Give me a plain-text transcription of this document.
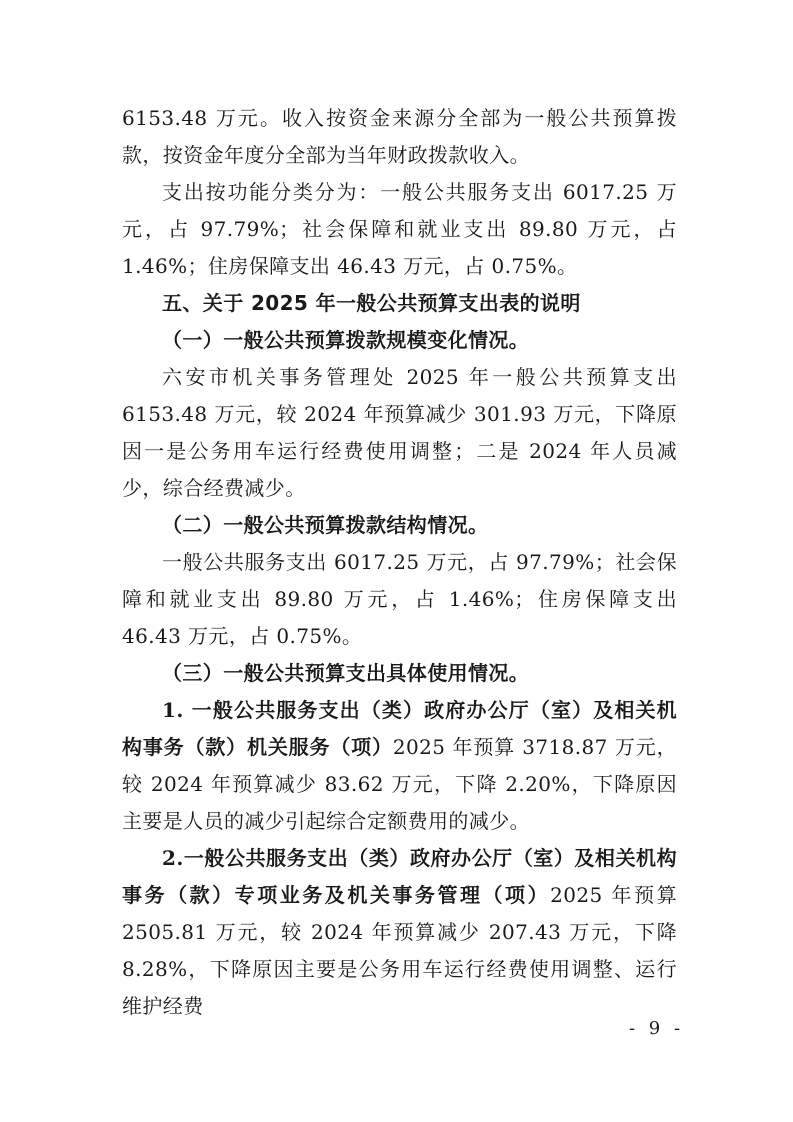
6153.48 万元。收入按资金来源分全部为一般公共预算拨款，按资金年度分全部为当年财政拨款收入。

支出按功能分类分为：一般公共服务支出 6017.25 万元，占 97.79%；社会保障和就业支出 89.80 万元，占 1.46%；住房保障支出 46.43 万元，占 0.75%。

五、关于 2025 年一般公共预算支出表的说明

（一）一般公共预算拨款规模变化情况。

六安市机关事务管理处 2025 年一般公共预算支出 6153.48 万元，较 2024 年预算减少 301.93 万元，下降原因一是公务用车运行经费使用调整；二是 2024 年人员减少，综合经费减少。

（二）一般公共预算拨款结构情况。

一般公共服务支出 6017.25 万元，占 97.79%；社会保障和就业支出 89.80 万元，占 1.46%；住房保障支出 46.43 万元，占 0.75%。

（三）一般公共预算支出具体使用情况。

1. 一般公共服务支出（类）政府办公厅（室）及相关机构事务（款）机关服务（项）2025 年预算 3718.87 万元，较 2024 年预算减少 83.62 万元，下降 2.20%，下降原因主要是人员的减少引起综合定额费用的减少。

2.一般公共服务支出（类）政府办公厅（室）及相关机构事务（款）专项业务及机关事务管理（项）2025 年预算 2505.81 万元，较 2024 年预算减少 207.43 万元，下降 8.28%，下降原因主要是公务用车运行经费使用调整、运行维护经费

- 9 -
